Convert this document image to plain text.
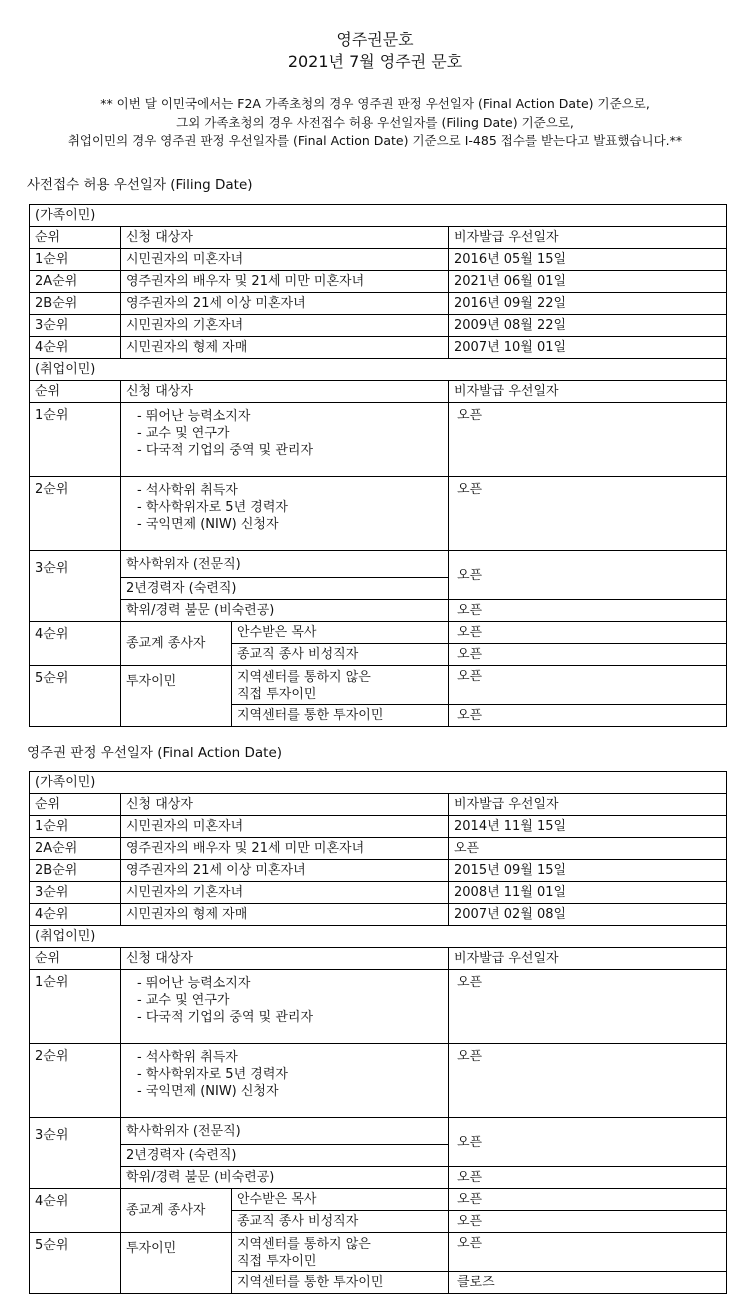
영주권문호
2021년 7월 영주권 문호
** 이번 달 이민국에서는 F2A 가족초청의 경우 영주권 판정 우선일자 (Final Action Date) 기준으로,
그외 가족초청의 경우 사전접수 허용 우선일자를 (Filing Date) 기준으로,
취업이민의 경우 영주권 판정 우선일자를 (Final Action Date) 기준으로 I-485 접수를 받는다고 발표했습니다.**
사전접수 허용 우선일자 (Filing Date)
영주권 판정 우선일자 (Final Action Date)
(가족이민)			
순위	신청 대상자		비자발급 우선일자
1순위	시민권자의 미혼자녀		2016년 05월 15일
2A순위	영주권자의 배우자 및 21세 미만 미혼자녀		2021년 06월 01일
2B순위	영주권자의 21세 이상 미혼자녀		2016년 09월 22일
3순위	시민권자의 기혼자녀		2009년 08월 22일
4순위	시민권자의 형제 자매		2007년 10월 01일
(취업이민)			
순위	신청 대상자		비자발급 우선일자
1순위	- 뛰어난 능력소지자
- 교수 및 연구가
- 다국적 기업의 중역 및 관리자		오픈
2순위	- 석사학위 취득자
- 학사학위자로 5년 경력자
- 국익면제 (NIW) 신청자		오픈
3순위	학사학위자 (전문직)		오픈
	2년경력자 (숙련직)		
	학위/경력 불문 (비숙련공)		오픈
4순위	종교계 종사자	안수받은 목사	오픈
		종교직 종사 비성직자	오픈
5순위	투자이민	지역센터를 통하지 않은
직접 투자이민	오픈
		지역센터를 통한 투자이민	오픈
(가족이민)			
순위	신청 대상자		비자발급 우선일자
1순위	시민권자의 미혼자녀		2014년 11월 15일
2A순위	영주권자의 배우자 및 21세 미만 미혼자녀		오픈
2B순위	영주권자의 21세 이상 미혼자녀		2015년 09월 15일
3순위	시민권자의 기혼자녀		2008년 11월 01일
4순위	시민권자의 형제 자매		2007년 02월 08일
(취업이민)			
순위	신청 대상자		비자발급 우선일자
1순위	- 뛰어난 능력소지자
- 교수 및 연구가
- 다국적 기업의 중역 및 관리자		오픈
2순위	- 석사학위 취득자
- 학사학위자로 5년 경력자
- 국익면제 (NIW) 신청자		오픈
3순위	학사학위자 (전문직)		오픈
	2년경력자 (숙련직)		
	학위/경력 불문 (비숙련공)		오픈
4순위	종교계 종사자	안수받은 목사	오픈
		종교직 종사 비성직자	오픈
5순위	투자이민	지역센터를 통하지 않은
직접 투자이민	오픈
		지역센터를 통한 투자이민	클로즈
